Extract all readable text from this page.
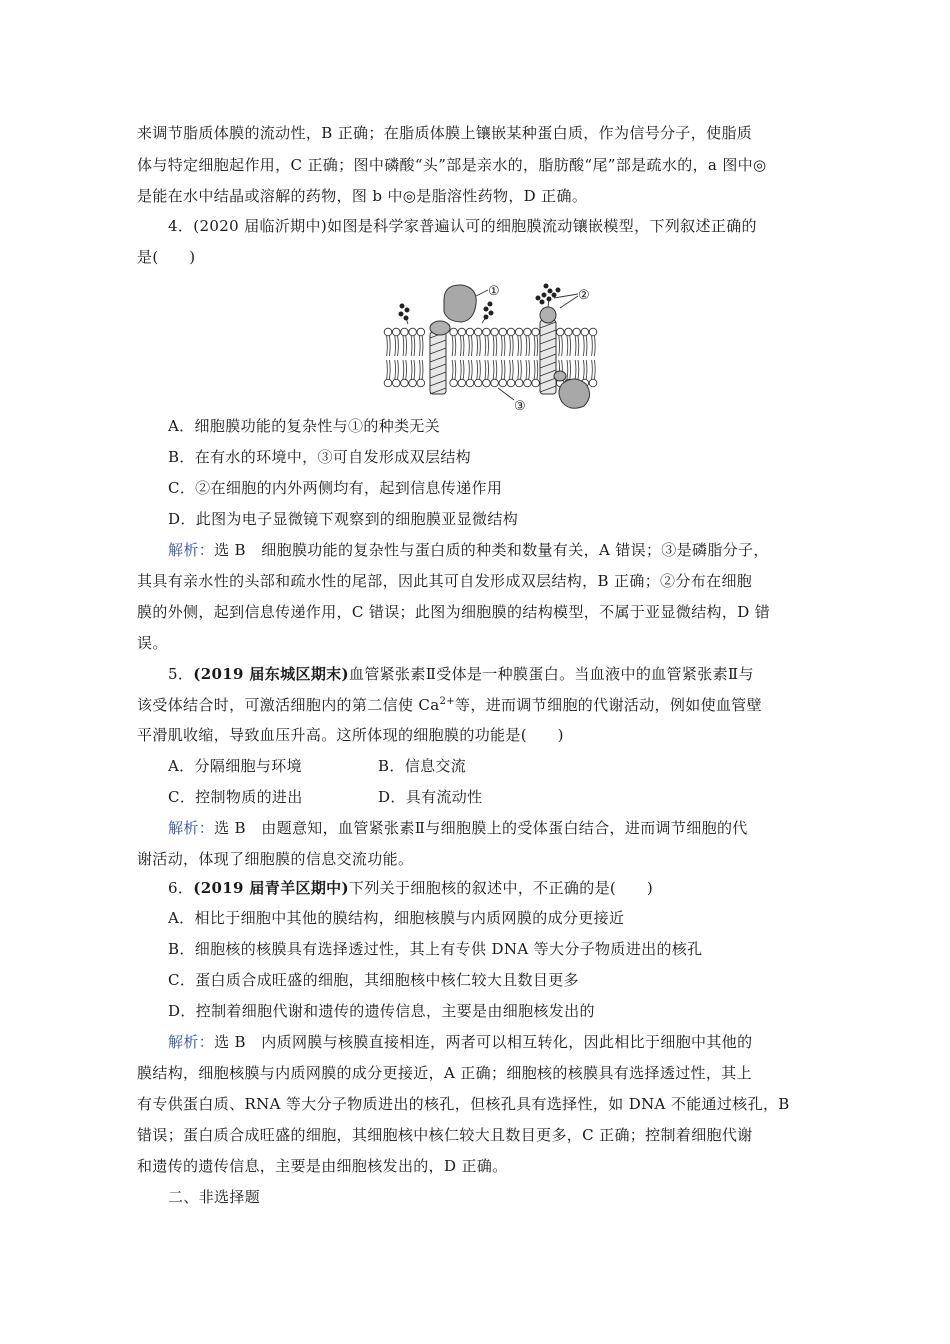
来调节脂质体膜的流动性，B 正确；在脂质体膜上镶嵌某种蛋白质，作为信号分子，使脂质
体与特定细胞起作用，C 正确；图中磷酸“头”部是亲水的，脂肪酸“尾”部是疏水的，a 图中◎
是能在水中结晶或溶解的药物，图 b 中◎是脂溶性药物，D 正确。
4．(2020 届临沂期中)如图是科学家普遍认可的细胞膜流动镶嵌模型，下列叙述正确的
是(　　)
①	②
③
A．细胞膜功能的复杂性与①的种类无关
B．在有水的环境中，③可自发形成双层结构
C．②在细胞的内外两侧均有，起到信息传递作用
D．此图为电子显微镜下观察到的细胞膜亚显微结构
解析：选 B　细胞膜功能的复杂性与蛋白质的种类和数量有关，A 错误；③是磷脂分子，
其具有亲水性的头部和疏水性的尾部，因此其可自发形成双层结构，B 正确；②分布在细胞
膜的外侧，起到信息传递作用，C 错误；此图为细胞膜的结构模型，不属于亚显微结构，D 错
误。
5．(2019 届东城区期末)血管紧张素Ⅱ受体是一种膜蛋白。当血液中的血管紧张素Ⅱ与
该受体结合时，可激活细胞内的第二信使 $Ca^{2+}$等，进而调节细胞的代谢活动，例如使血管壁
平滑肌收缩，导致血压升高。这所体现的细胞膜的功能是(　　)
A．分隔细胞与环境	B．信息交流
C．控制物质的进出	D．具有流动性
解析：选 B　由题意知，血管紧张素Ⅱ与细胞膜上的受体蛋白结合，进而调节细胞的代
谢活动，体现了细胞膜的信息交流功能。
6．(2019 届青羊区期中)下列关于细胞核的叙述中，不正确的是(　　)
A．相比于细胞中其他的膜结构，细胞核膜与内质网膜的成分更接近
B．细胞核的核膜具有选择透过性，其上有专供 DNA 等大分子物质进出的核孔
C．蛋白质合成旺盛的细胞，其细胞核中核仁较大且数目更多
D．控制着细胞代谢和遗传的遗传信息，主要是由细胞核发出的
解析：选 B　内质网膜与核膜直接相连，两者可以相互转化，因此相比于细胞中其他的
膜结构，细胞核膜与内质网膜的成分更接近，A 正确；细胞核的核膜具有选择透过性，其上
有专供蛋白质、RNA 等大分子物质进出的核孔，但核孔具有选择性，如 DNA 不能通过核孔，B
错误；蛋白质合成旺盛的细胞，其细胞核中核仁较大且数目更多，C 正确；控制着细胞代谢
和遗传的遗传信息，主要是由细胞核发出的，D 正确。
二、非选择题
